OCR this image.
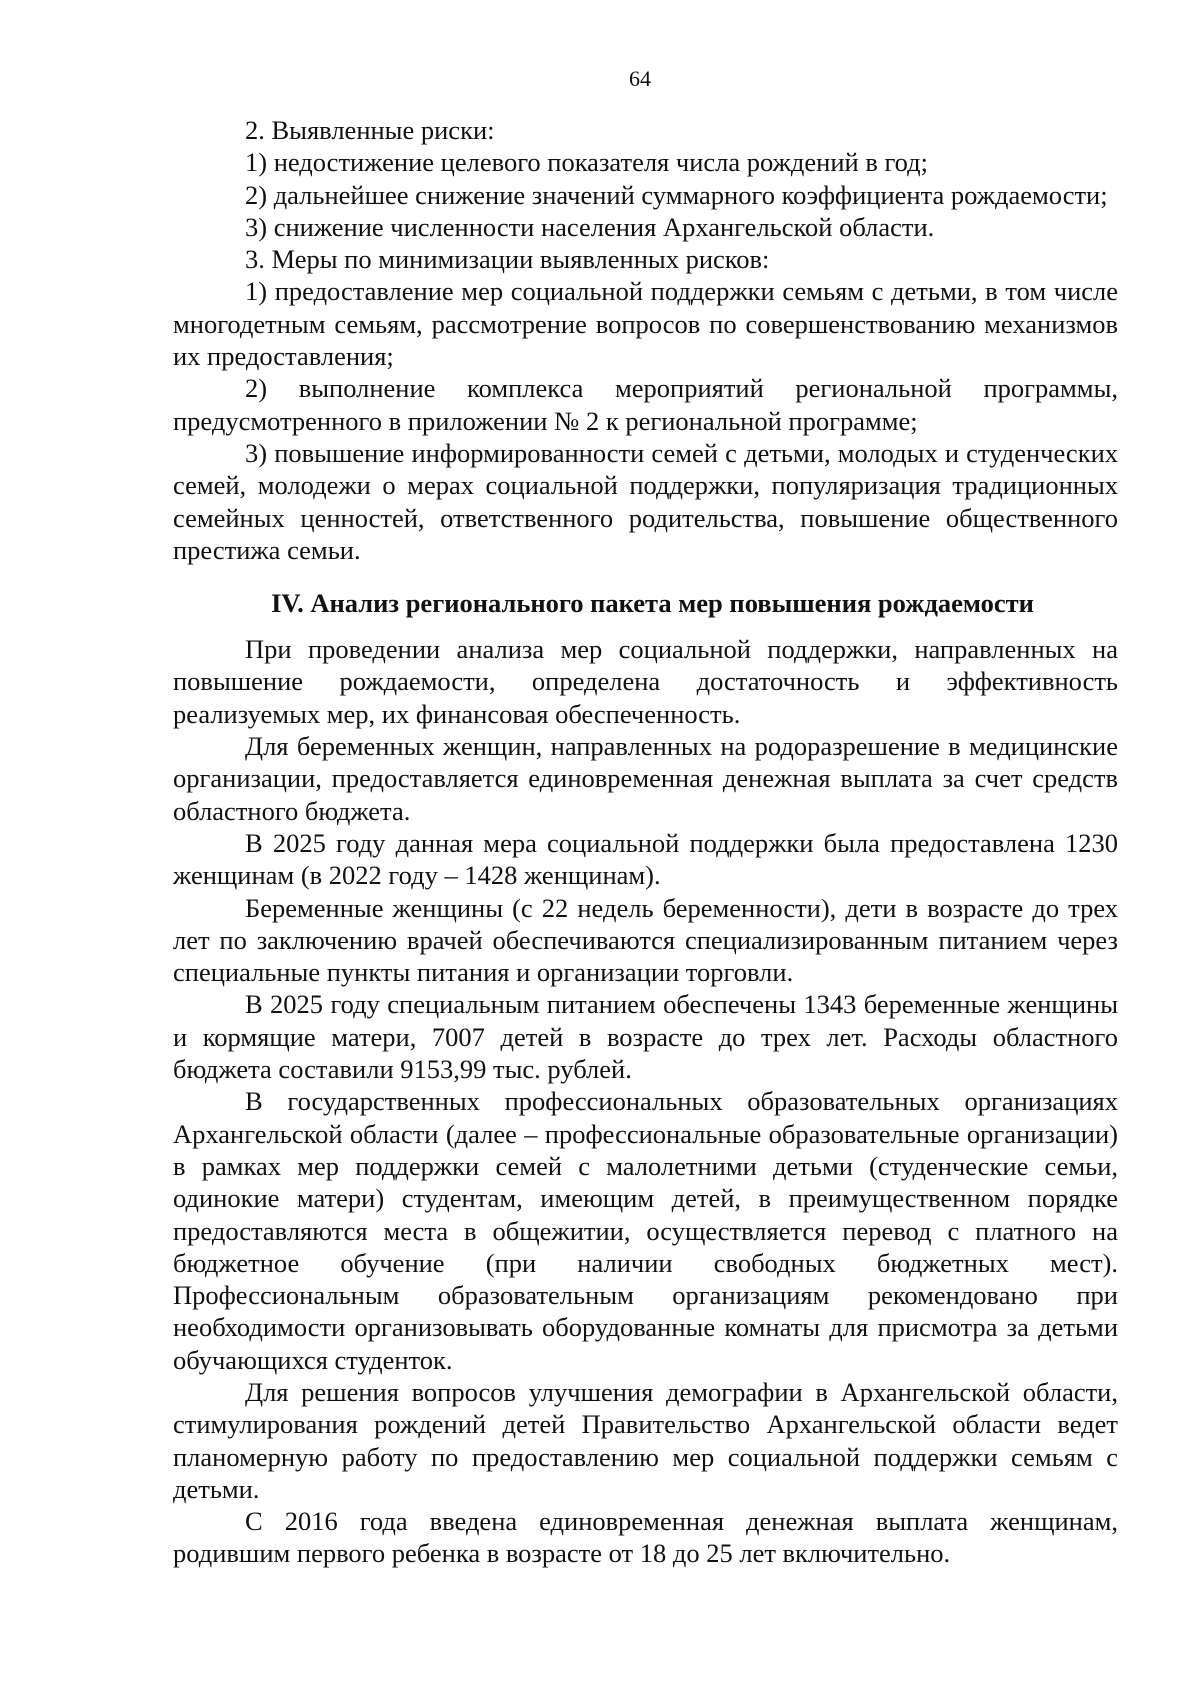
64

2. Выявленные риски:

1) недостижение целевого показателя числа рождений в год;

2) дальнейшее снижение значений суммарного коэффициента рождаемости;

3) снижение численности населения Архангельской области.

3. Меры по минимизации выявленных рисков:

1) предоставление мер социальной поддержки семьям с детьми, в том числе многодетным семьям, рассмотрение вопросов по совершенствованию механизмов их предоставления;

2) выполнение комплекса мероприятий региональной программы, предусмотренного в приложении № 2 к региональной программе;

3) повышение информированности семей с детьми, молодых и студенческих семей, молодежи о мерах социальной поддержки, популяризация традиционных семейных ценностей, ответственного родительства, повышение общественного престижа семьи.

IV. Анализ регионального пакета мер повышения рождаемости

При проведении анализа мер социальной поддержки, направленных на повышение рождаемости, определена достаточность и эффективность реализуемых мер, их финансовая обеспеченность.

Для беременных женщин, направленных на родоразрешение в медицинские организации, предоставляется единовременная денежная выплата за счет средств областного бюджета.

В 2025 году данная мера социальной поддержки была предоставлена 1230 женщинам (в 2022 году – 1428 женщинам).

Беременные женщины (с 22 недель беременности), дети в возрасте до трех лет по заключению врачей обеспечиваются специализированным питанием через специальные пункты питания и организации торговли.

В 2025 году специальным питанием обеспечены 1343 беременные женщины и кормящие матери, 7007 детей в возрасте до трех лет. Расходы областного бюджета составили 9153,99 тыс. рублей.

В государственных профессиональных образовательных организациях Архангельской области (далее – профессиональные образовательные организации) в рамках мер поддержки семей с малолетними детьми (студенческие семьи, одинокие матери) студентам, имеющим детей, в преимущественном порядке предоставляются места в общежитии, осуществляется перевод с платного на бюджетное обучение (при наличии свободных бюджетных мест). Профессиональным образовательным организациям рекомендовано при необходимости организовывать оборудованные комнаты для присмотра за детьми обучающихся студенток.

Для решения вопросов улучшения демографии в Архангельской области, стимулирования рождений детей Правительство Архангельской области ведет планомерную работу по предоставлению мер социальной поддержки семьям с детьми.

С 2016 года введена единовременная денежная выплата женщинам, родившим первого ребенка в возрасте от 18 до 25 лет включительно.
